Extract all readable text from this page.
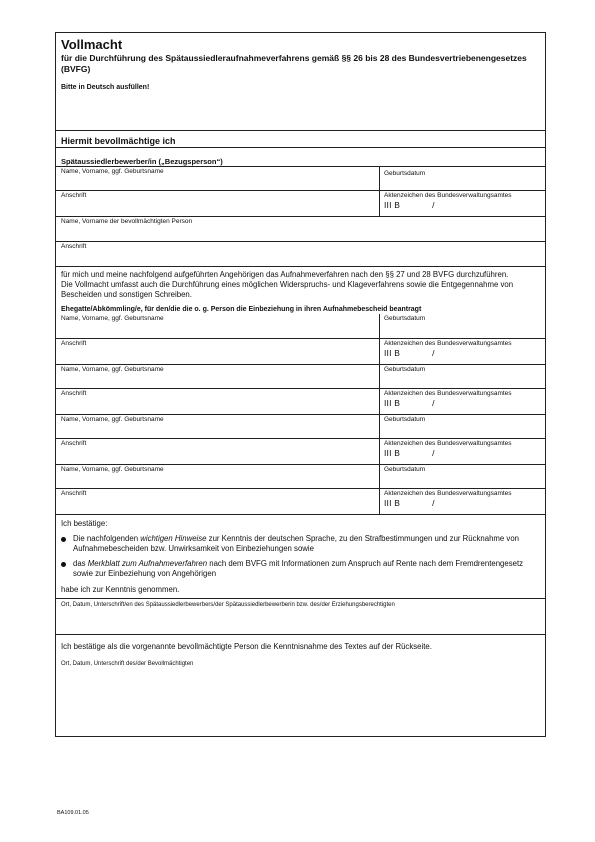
Vollmacht
für die Durchführung des Spätaussiedleraufnahmeverfahrens gemäß §§ 26 bis 28 des Bundesvertriebenengesetzes (BVFG)
Bitte in Deutsch ausfüllen!
Hiermit bevollmächtige ich
Spätaussiedlerbewerber/in („Bezugsperson“)
Name, Vorname, ggf. Geburtsname	Geburtsdatum
Anschrift	Aktenzeichen des Bundesverwaltungsamtes
III B	/
Name, Vorname der bevollmächtigten Person
Anschrift
für mich und meine nachfolgend aufgeführten Angehörigen das Aufnahmeverfahren nach den §§ 27 und 28 BVFG durchzuführen.
Die Vollmacht umfasst auch die Durchführung eines möglichen Widerspruchs- und Klageverfahrens sowie die Entgegennahme von Bescheiden und sonstigen Schreiben.
Ehegatte/Abkömmling/e, für den/die die o. g. Person die Einbeziehung in ihren Aufnahmebescheid beantragt
Name, Vorname, ggf. Geburtsname	Geburtsdatum
Anschrift	Aktenzeichen des Bundesverwaltungsamtes
III B	/
Name, Vorname, ggf. Geburtsname	Geburtsdatum
Anschrift	Aktenzeichen des Bundesverwaltungsamtes
III B	/
Name, Vorname, ggf. Geburtsname	Geburtsdatum
Anschrift	Aktenzeichen des Bundesverwaltungsamtes
III B	/
Name, Vorname, ggf. Geburtsname	Geburtsdatum
Anschrift	Aktenzeichen des Bundesverwaltungsamtes
III B	/
Ich bestätige:
Die nachfolgenden wichtigen Hinweise zur Kenntnis der deutschen Sprache, zu den Strafbestimmungen und zur Rücknahme von Aufnahmebescheiden bzw. Unwirksamkeit von Einbeziehungen sowie
das Merkblatt zum Aufnahmeverfahren nach dem BVFG mit Informationen zum Anspruch auf Rente nach dem Fremdrentengesetz sowie zur Einbeziehung von Angehörigen
habe ich zur Kenntnis genommen.
Ort, Datum, Unterschrift/en des Spätaussiedlerbewerbers/der Spätaussiedlerbewerberin bzw. des/der Erziehungsberechtigten
Ich bestätige als die vorgenannte bevollmächtigte Person die Kenntnisnahme des Textes auf der Rückseite.
Ort, Datum, Unterschrift des/der Bevollmächtigten
BA109.01.05
